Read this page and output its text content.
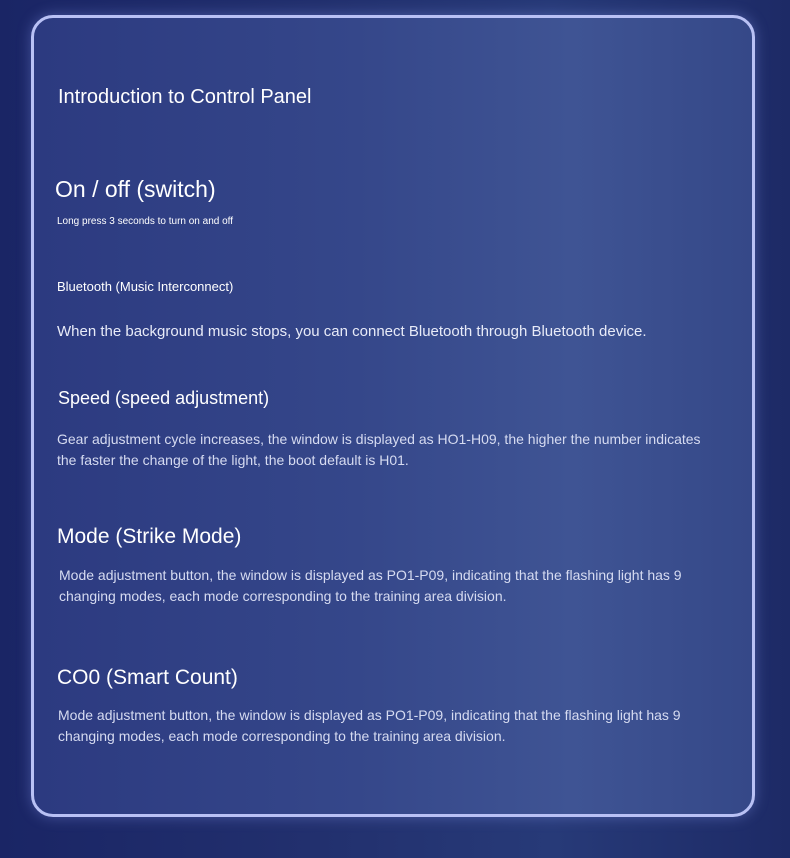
Introduction to Control Panel
On / off (switch)

Long press 3 seconds to turn on and off

Bluetooth (Music Interconnect)

When the background music stops, you can connect Bluetooth through Bluetooth device.

Speed (speed adjustment)

Gear adjustment cycle increases, the window is displayed as HO1-H09, the higher the number indicates the faster the change of the light, the boot default is H01.

Mode (Strike Mode)

Mode adjustment button, the window is displayed as PO1-P09, indicating that the flashing light has 9 changing modes, each mode corresponding to the training area division.

CO0 (Smart Count)

Mode adjustment button, the window is displayed as PO1-P09, indicating that the flashing light has 9 changing modes, each mode corresponding to the training area division.
